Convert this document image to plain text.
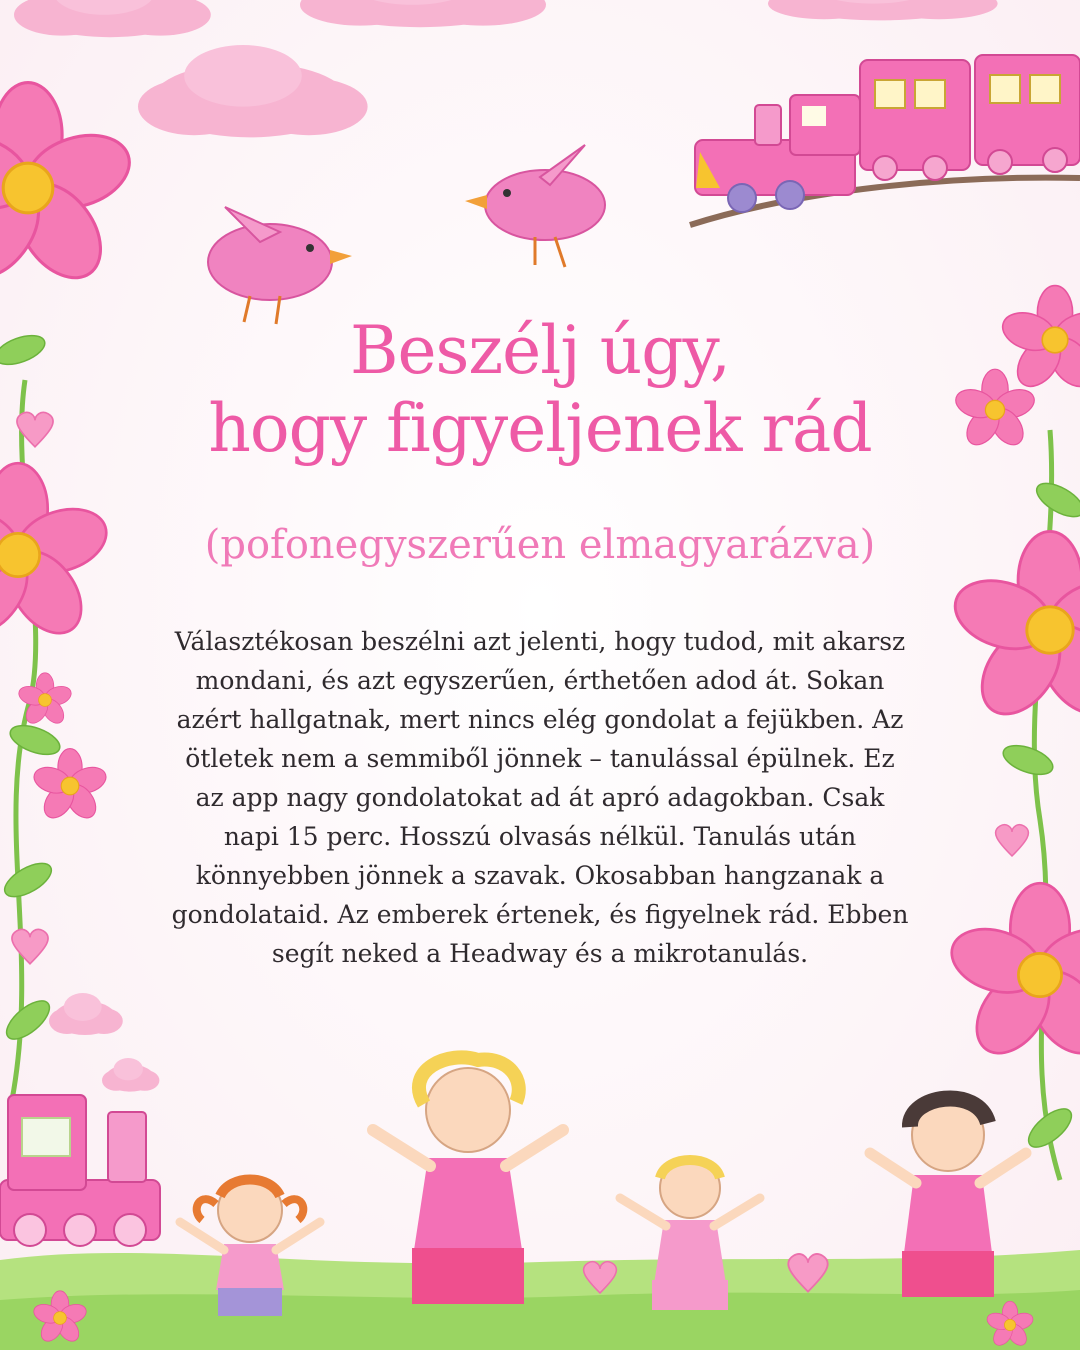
Beszélj úgy,
hogy figyeljenek rád

(pofonegyszerűen elmagyarázva)

Választékosan beszélni azt jelenti, hogy tudod, mit akarsz mondani, és azt egyszerűen, érthetően adod át. Sokan azért hallgatnak, mert nincs elég gondolat a fejükben. Az ötletek nem a semmiből jönnek – tanulással épülnek. Ez az app nagy gondolatokat ad át apró adagokban. Csak napi 15 perc. Hosszú olvasás nélkül. Tanulás után könnyebben jönnek a szavak. Okosabban hangzanak a gondolataid. Az emberek értenek, és figyelnek rád. Ebben segít neked a Headway és a mikrotanulás.
